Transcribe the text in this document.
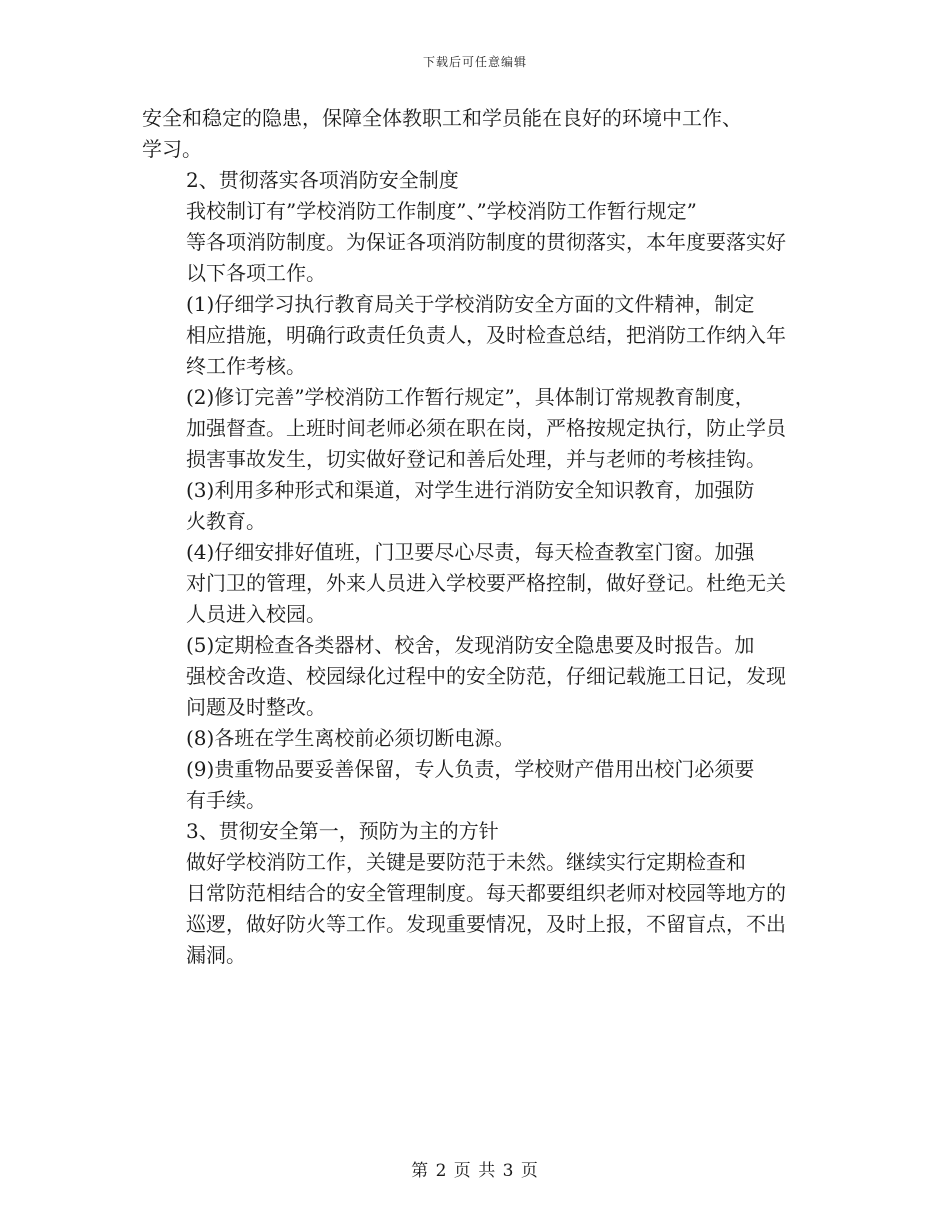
下载后可任意编辑

安全和稳定的隐患，保障全体教职工和学员能在良好的环境中工作、
学习。

2、贯彻落实各项消防安全制度

我校制订有”学校消防工作制度”、”学校消防工作暂行规定”
等各项消防制度。为保证各项消防制度的贯彻落实，本年度要落实好
以下各项工作。

(1)仔细学习执行教育局关于学校消防安全方面的文件精神，制定
相应措施，明确行政责任负责人，及时检查总结，把消防工作纳入年
终工作考核。

(2)修订完善”学校消防工作暂行规定”，具体制订常规教育制度，
加强督查。上班时间老师必须在职在岗，严格按规定执行，防止学员
损害事故发生，切实做好登记和善后处理，并与老师的考核挂钩。

(3)利用多种形式和渠道，对学生进行消防安全知识教育，加强防
火教育。

(4)仔细安排好值班，门卫要尽心尽责，每天检查教室门窗。加强
对门卫的管理，外来人员进入学校要严格控制，做好登记。杜绝无关
人员进入校园。

(5)定期检查各类器材、校舍，发现消防安全隐患要及时报告。加
强校舍改造、校园绿化过程中的安全防范，仔细记载施工日记，发现
问题及时整改。

(8)各班在学生离校前必须切断电源。

(9)贵重物品要妥善保留，专人负责，学校财产借用出校门必须要
有手续。

3、贯彻安全第一，预防为主的方针

做好学校消防工作，关键是要防范于未然。继续实行定期检查和
日常防范相结合的安全管理制度。每天都要组织老师对校园等地方的
巡逻，做好防火等工作。发现重要情况，及时上报，不留盲点，不出
漏洞。

第 2 页 共 3 页
